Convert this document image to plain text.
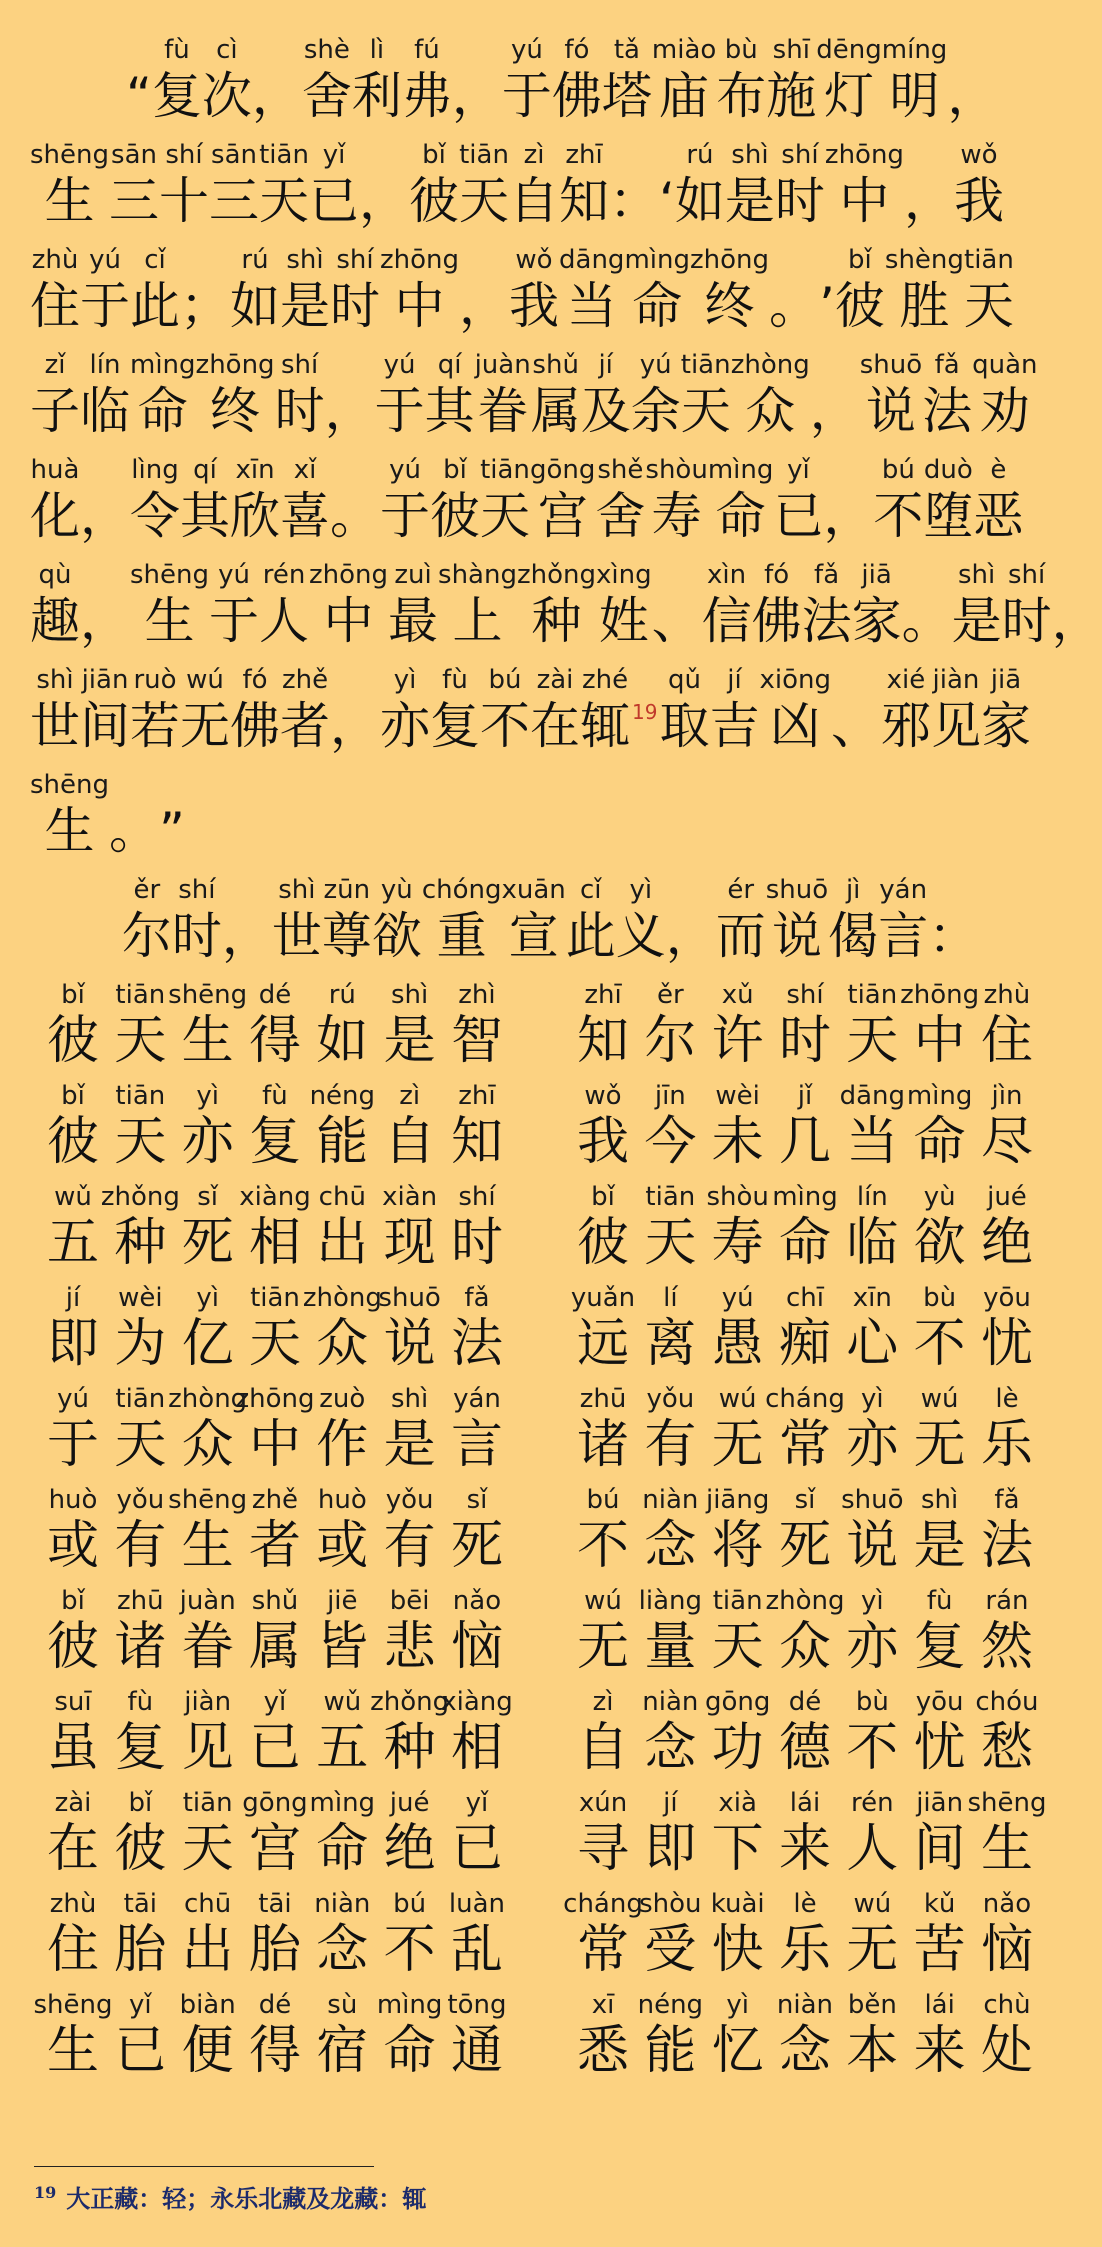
“
fù
复
cì
次 ，
shè
舍
lì
利
fú
弗 ，
yú
于
fó
佛
tǎ
塔
miào
庙
bù
布
shī
施
dēng
灯
míng
明 ，
shēng
生
sān
三
shí
十
sān
三
tiān
天
yǐ
已 ，
bǐ
彼
tiān
天
zì
自
zhī
知 ： ‘
rú
如
shì
是
shí
时
zhōng
中 ，
wǒ
我
zhù
住
yú
于
cǐ
此 ；
rú
如
shì
是
shí
时
zhōng
中 ，
wǒ
我
dāng
当
mìng
命
zhōng
终 。 ’
bǐ
彼
shèng
胜
tiān
天
zǐ
子
lín
临
mìng
命
zhōng
终
shí
时 ，
yú
于
qí
其
juàn
眷
shǔ
属
jí
及
yú
余
tiān
天
zhòng
众 ，
shuō
说
fǎ
法
quàn
劝
huà
化 ，
lìng
令
qí
其
xīn
欣
xǐ
喜 。
yú
于
bǐ
彼
tiān
天
gōng
宫
shě
舍
shòu
寿
mìng
命
yǐ
已 ，
bú
不
duò
堕
è
恶
qù
趣 ，
shēng
生
yú
于
rén
人
zhōng
中
zuì
最
shàng
上
zhǒng
种
xìng
姓 、
xìn
信
fó
佛
fǎ
法
jiā
家 。
shì
是
shí
时 ，
shì
世
jiān
间
ruò
若
wú
无
fó
佛
zhě
者 ，
yì
亦
fù
复
bú
不
zài
在
zhé
辄 19
qǔ
取
jí
吉
xiōng
凶 、
xié
邪
jiàn
见
jiā
家
shēng
生 。 ”
ěr
尔
shí
时 ，
shì
世
zūn
尊
yù
欲
chóng
重
xuān
宣
cǐ
此
yì
义 ，
ér
而
shuō
说
jì
偈
yán
言 ：
bǐ
彼
tiān
天
shēng
生
dé
得
rú
如
shì
是
zhì
智
zhī
知
ěr
尔
xǔ
许
shí
时
tiān
天
zhōng
中
zhù
住
bǐ
彼
tiān
天
yì
亦
fù
复
néng
能
zì
自
zhī
知
wǒ
我
jīn
今
wèi
未
jǐ
几
dāng
当
mìng
命
jìn
尽
wǔ
五
zhǒng
种
sǐ
死
xiàng
相
chū
出
xiàn
现
shí
时
bǐ
彼
tiān
天
shòu
寿
mìng
命
lín
临
yù
欲
jué
绝
jí
即
wèi
为
yì
亿
tiān
天
zhòng
众
shuō
说
fǎ
法
yuǎn
远
lí
离
yú
愚
chī
痴
xīn
心
bù
不
yōu
忧
yú
于
tiān
天
zhòng
众
zhōng
中
zuò
作
shì
是
yán
言
zhū
诸
yǒu
有
wú
无
cháng
常
yì
亦
wú
无
lè
乐
huò
或
yǒu
有
shēng
生
zhě
者
huò
或
yǒu
有
sǐ
死
bú
不
niàn
念
jiāng
将
sǐ
死
shuō
说
shì
是
fǎ
法
bǐ
彼
zhū
诸
juàn
眷
shǔ
属
jiē
皆
bēi
悲
nǎo
恼
wú
无
liàng
量
tiān
天
zhòng
众
yì
亦
fù
复
rán
然
suī
虽
fù
复
jiàn
见
yǐ
已
wǔ
五
zhǒng
种
xiàng
相
zì
自
niàn
念
gōng
功
dé
德
bù
不
yōu
忧
chóu
愁
zài
在
bǐ
彼
tiān
天
gōng
宫
mìng
命
jué
绝
yǐ
已
xún
寻
jí
即
xià
下
lái
来
rén
人
jiān
间
shēng
生
zhù
住
tāi
胎
chū
出
tāi
胎
niàn
念
bú
不
luàn
乱
cháng
常
shòu
受
kuài
快
lè
乐
wú
无
kǔ
苦
nǎo
恼
shēng
生
yǐ
已
biàn
便
dé
得
sù
宿
mìng
命
tōng
通
xī
悉
néng
能
yì
忆
niàn
念
běn
本
lái
来
chù
处
$^{19}$ 大正藏：轻；永乐北藏及龙藏：辄
